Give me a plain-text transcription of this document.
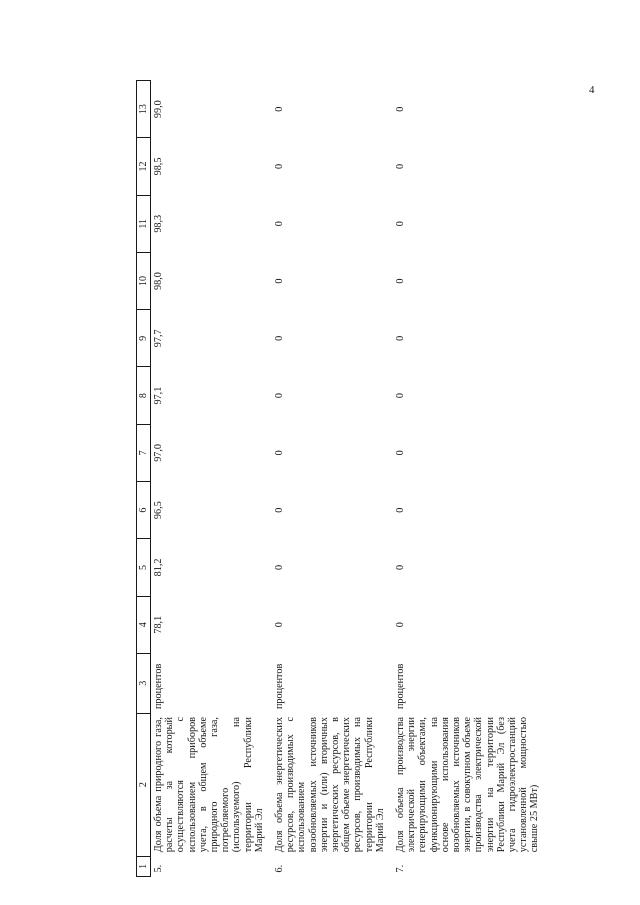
4
1	2	3	4	5	6	7	8	9	10	11	12	13
5.	Доля объема природного газа, расчеты за который осуществляются с использованием приборов учета, в общем объеме природного газа, потребляемого (используемого) на территории Республики Марий Эл	процентов	78,1	81,2	96,5	97,0	97,1	97,7	98,0	98,3	98,5	99,0
6.	Доля объема энергетических ресурсов, производимых с использованием возобновляемых источников энергии и (или) вторичных энергетических ресурсов, в общем объеме энергетических ресурсов, производимых на территории Республики Марий Эл	процентов	0	0	0	0	0	0	0	0	0	0
7.	Доля объема производства электрической энергии генерирующими объектами, функционирующими на основе использования возобновляемых источников энергии, в совокупном объеме производства электрической энергии на территории Республики Марий Эл (без учета гидроэлектростанций установленной мощностью свыше 25 МВт)	процентов	0	0	0	0	0	0	0	0	0	0
